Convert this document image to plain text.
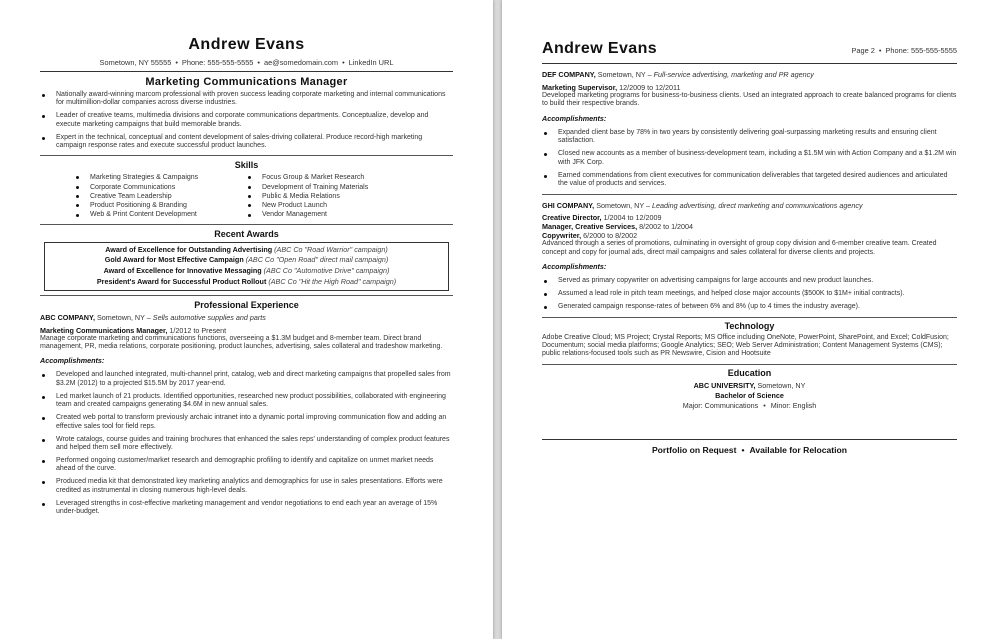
Andrew Evans
Sometown, NY 55555 • Phone: 555-555-5555 • ae@somedomain.com • LinkedIn URL
Marketing Communications Manager
Nationally award-winning marcom professional with proven success leading corporate marketing and internal communications for multimillion-dollar companies across diverse industries.
Leader of creative teams, multimedia divisions and corporate communications departments. Conceptualize, develop and execute marketing campaigns that build memorable brands.
Expert in the technical, conceptual and content development of sales-driving collateral. Produce record-high marketing campaign response rates and execute successful product launches.
Skills
Marketing Strategies & Campaigns
Corporate Communications
Creative Team Leadership
Product Positioning & Branding
Web & Print Content Development
Focus Group & Market Research
Development of Training Materials
Public & Media Relations
New Product Launch
Vendor Management
Recent Awards
Award of Excellence for Outstanding Advertising (ABC Co "Road Warrior" campaign)
Gold Award for Most Effective Campaign (ABC Co "Open Road" direct mail campaign)
Award of Excellence for Innovative Messaging (ABC Co "Automotive Drive" campaign)
President's Award for Successful Product Rollout (ABC Co "Hit the High Road" campaign)
Professional Experience
ABC COMPANY, Sometown, NY – Sells automotive supplies and parts
Marketing Communications Manager, 1/2012 to Present
Manage corporate marketing and communications functions, overseeing a $1.3M budget and 8-member team. Direct brand management, PR, media relations, corporate positioning, product launches, advertising, sales collateral and tradeshow marketing.
Accomplishments:
Developed and launched integrated, multi-channel print, catalog, web and direct marketing campaigns that propelled sales from $3.2M (2012) to a projected $15.5M by 2017 year-end.
Led market launch of 21 products. Identified opportunities, researched new product possibilities, collaborated with engineering team and created campaigns generating $4.6M in new annual sales.
Created web portal to transform previously archaic intranet into a dynamic portal improving communication flow and adding an effective sales tool for field reps.
Wrote catalogs, course guides and training brochures that enhanced the sales reps' understanding of complex product features and helped them sell more effectively.
Performed ongoing customer/market research and demographic profiling to identify and capitalize on unmet market needs ahead of the curve.
Produced media kit that demonstrated key marketing analytics and demographics for use in sales presentations. Efforts were credited as instrumental in closing numerous high-level deals.
Leveraged strengths in cost-effective marketing management and vendor negotiations to end each year an average of 15% under-budget.
Andrew Evans	Page 2 • Phone: 555-555-5555
DEF COMPANY, Sometown, NY – Full-service advertising, marketing and PR agency
Marketing Supervisor, 12/2009 to 12/2011
Developed marketing programs for business-to-business clients. Used an integrated approach to create balanced programs for clients to build their respective brands.
Accomplishments:
Expanded client base by 78% in two years by consistently delivering goal-surpassing marketing results and ensuring client satisfaction.
Closed new accounts as a member of business-development team, including a $1.5M win with Action Company and a $1.2M win with JFK Corp.
Earned commendations from client executives for communication deliverables that targeted desired audiences and articulated the value of products and services.
GHI COMPANY, Sometown, NY – Leading advertising, direct marketing and communications agency
Creative Director, 1/2004 to 12/2009
Manager, Creative Services, 8/2002 to 1/2004
Copywriter, 6/2000 to 8/2002
Advanced through a series of promotions, culminating in oversight of group copy division and 6-member creative team. Created concept and copy for journal ads, direct mail campaigns and sales collateral for diverse clients and projects.
Accomplishments:
Served as primary copywriter on advertising campaigns for large accounts and new product launches.
Assumed a lead role in pitch team meetings, and helped close major accounts ($500K to $1M+ initial contracts).
Generated campaign response-rates of between 6% and 8% (up to 4 times the industry average).
Technology
Adobe Creative Cloud; MS Project; Crystal Reports; MS Office including OneNote, PowerPoint, SharePoint, and Excel; ColdFusion; Documentum; social media platforms; Google Analytics; SEO; Web Server Administration; Content Management Systems (CMS); public relations-focused tools such as PR Newswire, Cision and Hootsuite
Education
ABC UNIVERSITY, Sometown, NY
Bachelor of Science
Major: Communications • Minor: English
Portfolio on Request • Available for Relocation
